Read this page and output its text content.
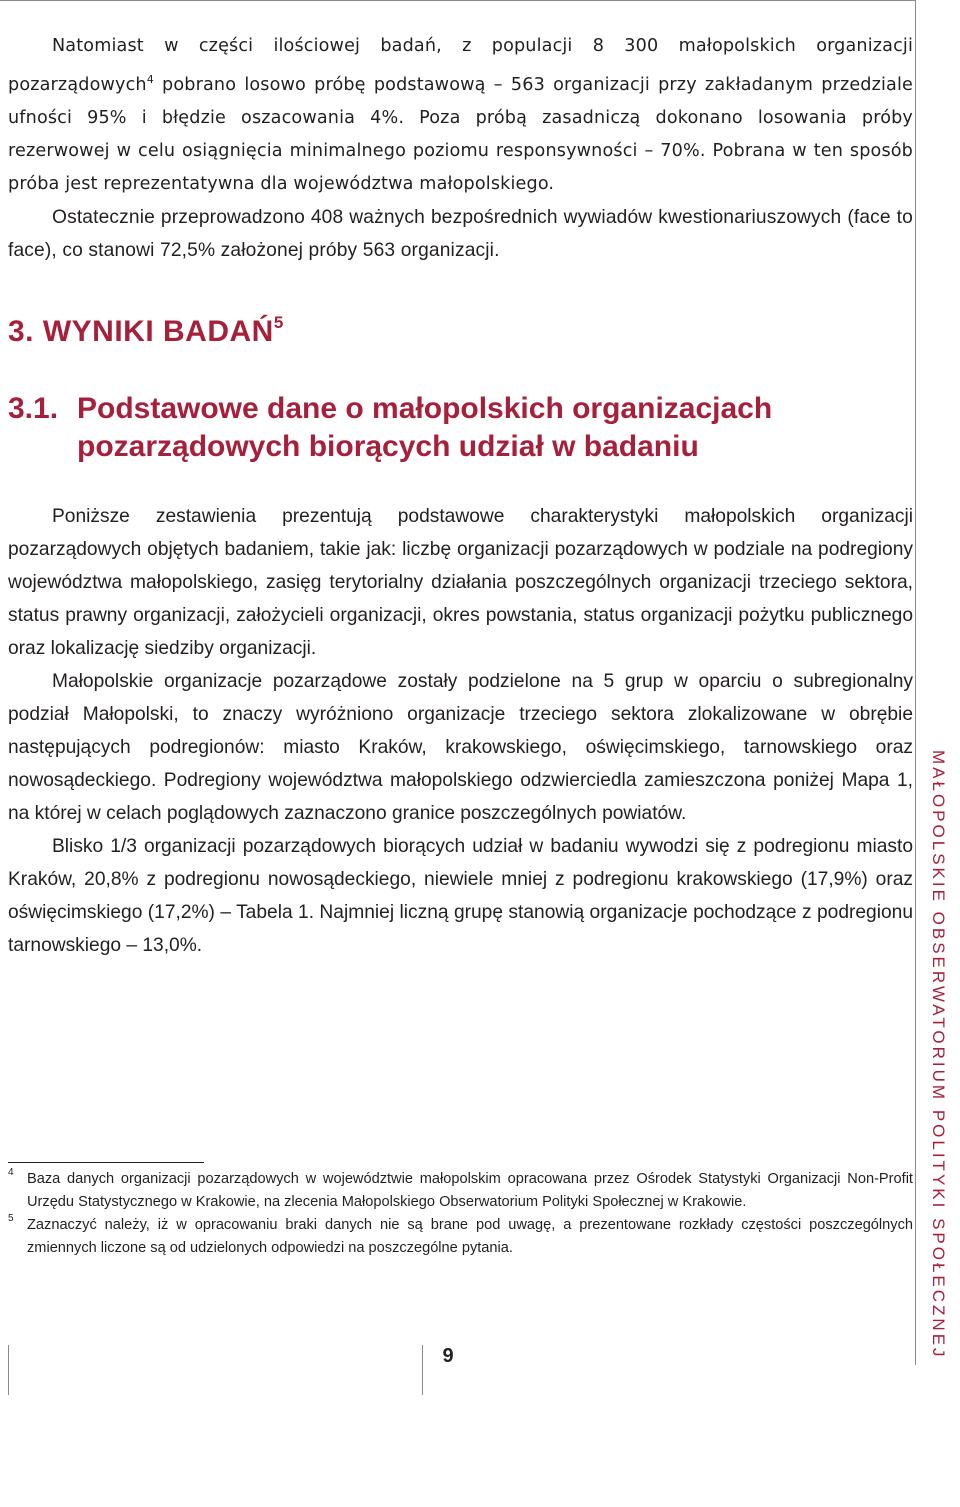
MAŁOPOLSKIE OBSERWATORIUM POLITYKI SPOŁECZNEJ

Natomiast w części ilościowej badań, z populacji 8 300 małopolskich organizacji pozarządowych$^4$ pobrano losowo próbę podstawową – 563 organizacji przy zakładanym przedziale ufności 95% i błędzie oszacowania 4%. Poza próbą zasadniczą dokonano losowania próby rezerwowej w celu osiągnięcia minimalnego poziomu responsywności – 70%. Pobrana w ten sposób próba jest reprezentatywna dla województwa małopolskiego.

Ostatecznie przeprowadzono 408 ważnych bezpośrednich wywiadów kwestionariuszowych (face to face), co stanowi 72,5% założonej próby 563 organizacji.

3. WYNIKI BADAŃ$^5$
3.1. Podstawowe dane o małopolskich organizacjach pozarządowych biorących udział w badaniu

Poniższe zestawienia prezentują podstawowe charakterystyki małopolskich organizacji pozarządowych objętych badaniem, takie jak: liczbę organizacji pozarządowych w podziale na podregiony województwa małopolskiego, zasięg terytorialny działania poszczególnych organizacji trzeciego sektora, status prawny organizacji, założycieli organizacji, okres powstania, status organizacji pożytku publicznego oraz lokalizację siedziby organizacji.

Małopolskie organizacje pozarządowe zostały podzielone na 5 grup w oparciu o subregionalny podział Małopolski, to znaczy wyróżniono organizacje trzeciego sektora zlokalizowane w obrębie następujących podregionów: miasto Kraków, krakowskiego, oświęcimskiego, tarnowskiego oraz nowosądeckiego. Podregiony województwa małopolskiego odzwierciedla zamieszczona poniżej Mapa 1, na której w celach poglądowych zaznaczono granice poszczególnych powiatów.

Blisko 1/3 organizacji pozarządowych biorących udział w badaniu wywodzi się z podregionu miasto Kraków, 20,8% z podregionu nowosądeckiego, niewiele mniej z podregionu krakowskiego (17,9%) oraz oświęcimskiego (17,2%) – Tabela 1. Najmniej liczną grupę stanowią organizacje pochodzące z podregionu tarnowskiego – 13,0%.

4 Baza danych organizacji pozarządowych w województwie małopolskim opracowana przez Ośrodek Statystyki Organizacji Non-Profit Urzędu Statystycznego w Krakowie, na zlecenia Małopolskiego Obserwatorium Polityki Społecznej w Krakowie.
5 Zaznaczyć należy, iż w opracowaniu braki danych nie są brane pod uwagę, a prezentowane rozkłady częstości poszczególnych zmiennych liczone są od udzielonych odpowiedzi na poszczególne pytania.
9
